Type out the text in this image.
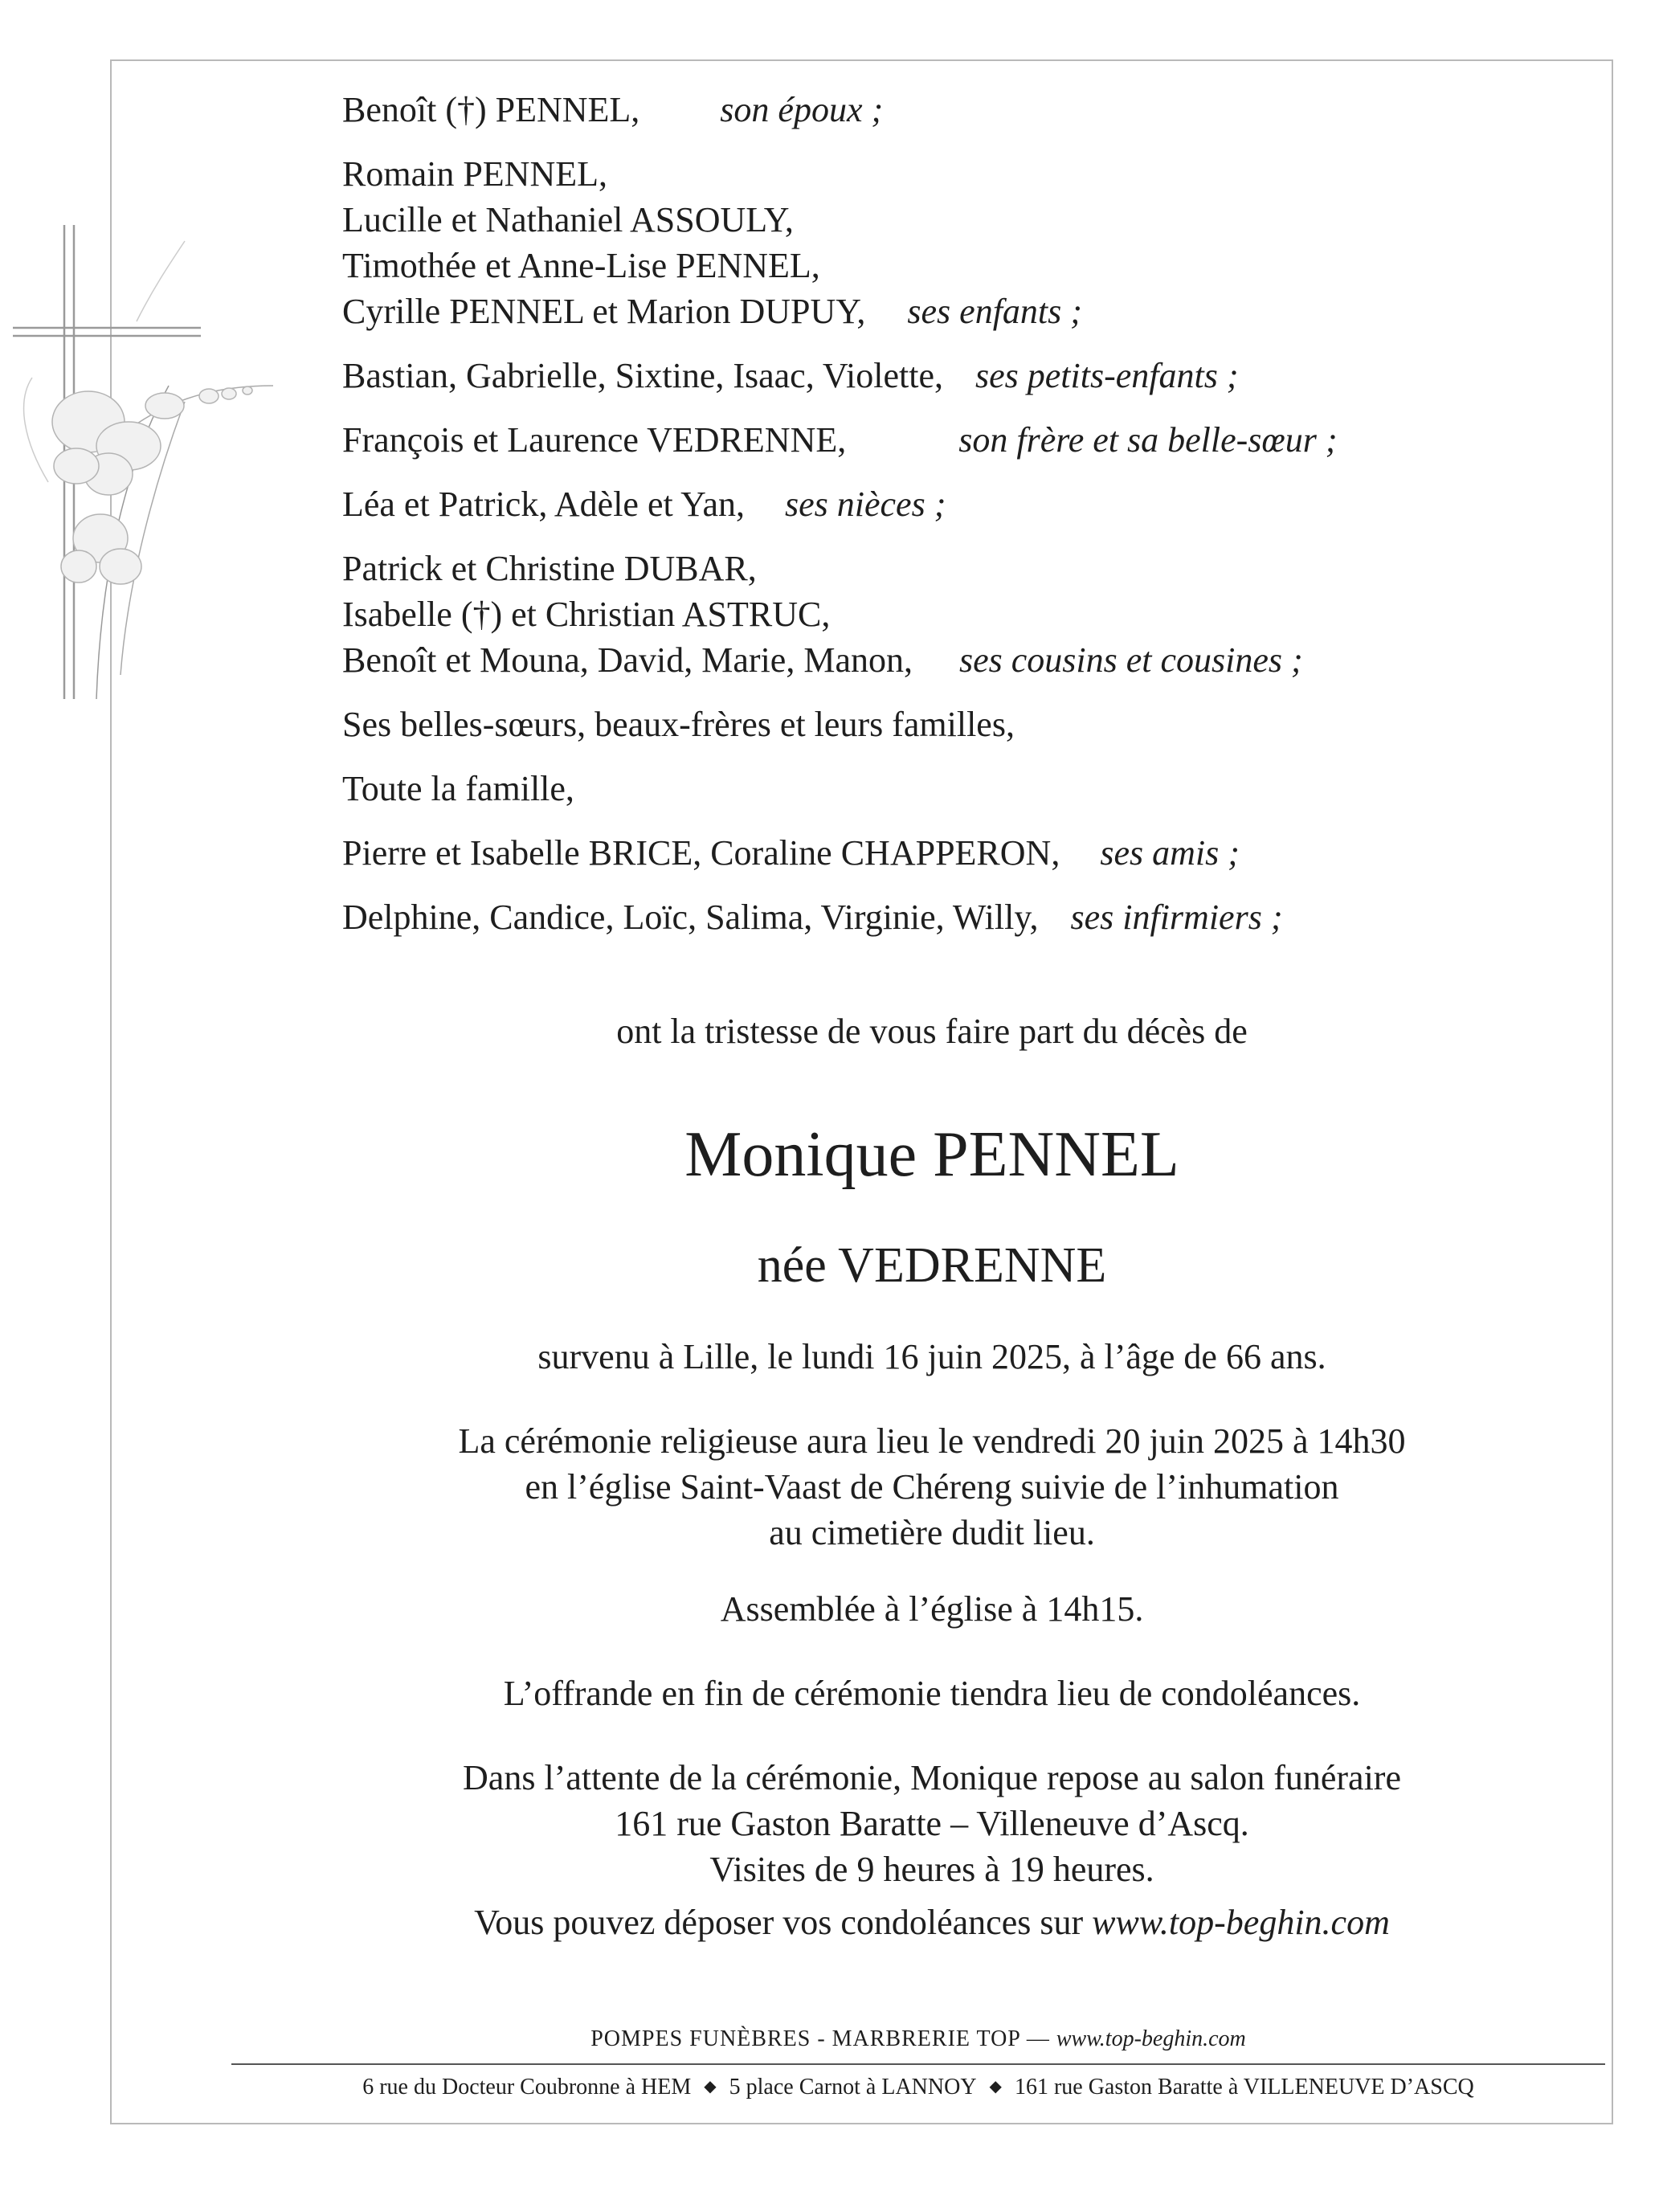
Benoît (†) PENNEL, son époux ;
Romain PENNEL,
Lucille et Nathaniel ASSOULY,
Timothée et Anne-Lise PENNEL,
Cyrille PENNEL et Marion DUPUY, ses enfants ;
Bastian, Gabrielle, Sixtine, Isaac, Violette, ses petits-enfants ;
François et Laurence VEDRENNE,	son frère et sa belle-sœur ;
Léa et Patrick, Adèle et Yan, ses nièces ;
Patrick et Christine DUBAR,
Isabelle (†) et Christian ASTRUC,
Benoît et Mouna, David, Marie, Manon, ses cousins et cousines ;
Ses belles-sœurs, beaux-frères et leurs familles,
Toute la famille,
Pierre et Isabelle BRICE, Coraline CHAPPERON, ses amis ;
Delphine, Candice, Loïc, Salima, Virginie, Willy, ses infirmiers ;
ont la tristesse de vous faire part du décès de
Monique PENNEL
née VEDRENNE
survenu à Lille, le lundi 16 juin 2025, à l’âge de 66 ans.
La cérémonie religieuse aura lieu le vendredi 20 juin 2025 à 14h30
en l’église Saint-Vaast de Chéreng suivie de l’inhumation
au cimetière dudit lieu.
Assemblée à l’église à 14h15.
L’offrande en fin de cérémonie tiendra lieu de condoléances.
Dans l’attente de la cérémonie, Monique repose au salon funéraire
161 rue Gaston Baratte – Villeneuve d’Ascq.
Visites de 9 heures à 19 heures.
Vous pouvez déposer vos condoléances sur www.top-beghin.com
POMPES FUNÈBRES - MARBRERIE TOP — www.top-beghin.com
6 rue du Docteur Coubronne à HEM ◆ 5 place Carnot à LANNOY ◆ 161 rue Gaston Baratte à VILLENEUVE D’ASCQ
